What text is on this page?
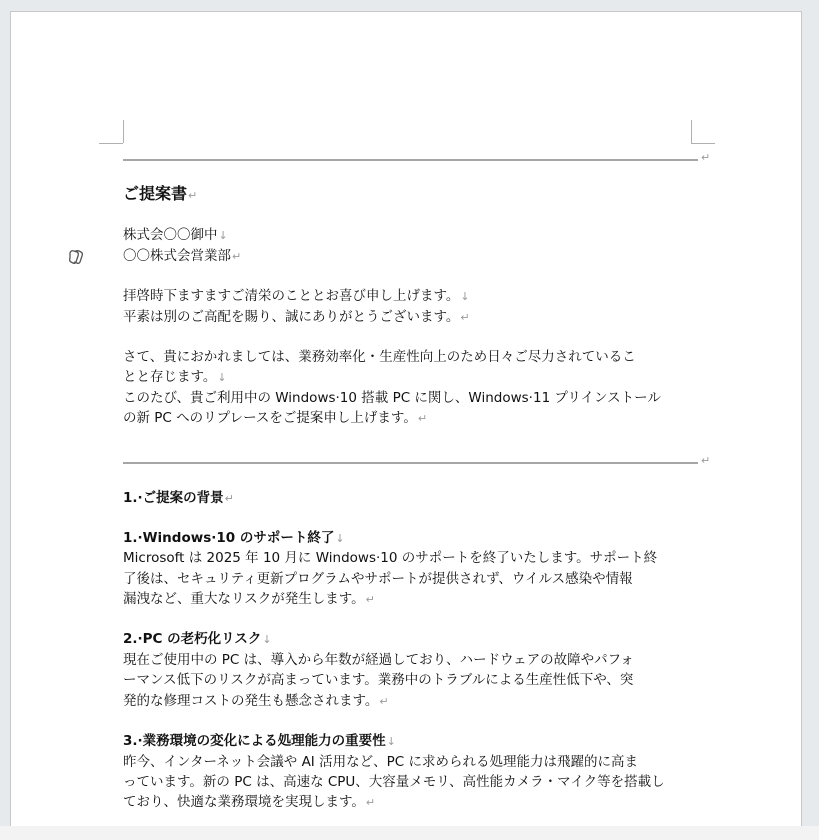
↵
ご提案書↵
株式会〇〇御中↓
〇〇株式会営業部↵
拝啓時下ますますご清栄のこととお喜び申し上げます。↓
平素は別のご高配を賜り、誠にありがとうございます。↵
さて、貴におかれましては、業務効率化・生産性向上のため日々ご尽力されているこ
とと存じます。↓
このたび、貴ご利用中の Windows·10 搭載 PC に関し、Windows·11 プリインストール
の新 PC へのリプレースをご提案申し上げます。↵
↵
1.·ご提案の背景↵
1.·Windows·10 のサポート終了↓
Microsoft は 2025 年 10 月に Windows·10 のサポートを終了いたします。サポート終
了後は、セキュリティ更新プログラムやサポートが提供されず、ウイルス感染や情報
漏洩など、重大なリスクが発生します。↵
2.·PC の老朽化リスク↓
現在ご使用中の PC は、導入から年数が経過しており、ハードウェアの故障やパフォ
ーマンス低下のリスクが高まっています。業務中のトラブルによる生産性低下や、突
発的な修理コストの発生も懸念されます。↵
3.·業務環境の変化による処理能力の重要性↓
昨今、インターネット会議や AI 活用など、PC に求められる処理能力は飛躍的に高ま
っています。新の PC は、高速な CPU、大容量メモリ、高性能カメラ・マイク等を搭載し
ており、快適な業務環境を実現します。↵
